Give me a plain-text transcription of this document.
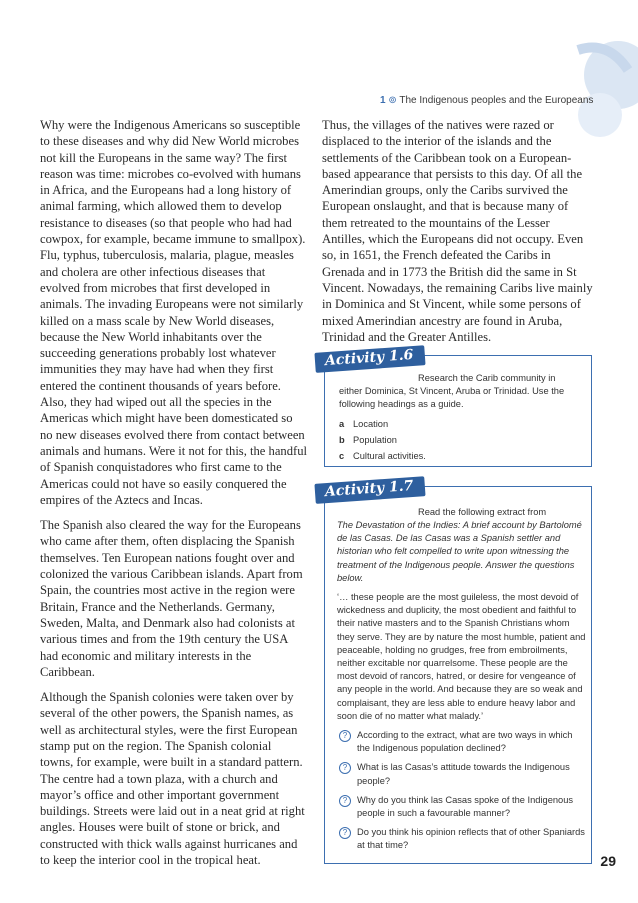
1 ⊚ The Indigenous peoples and the Europeans

Why were the Indigenous Americans so susceptible to these diseases and why did New World microbes not kill the Europeans in the same way? The first reason was time: microbes co-evolved with humans in Africa, and the Europeans had a long history of animal farming, which allowed them to develop resistance to diseases (so that people who had had cowpox, for example, became immune to smallpox). Flu, typhus, tuberculosis, malaria, plague, measles and cholera are other infectious diseases that evolved from microbes that first developed in animals. The invading Europeans were not similarly killed on a mass scale by New World diseases, because the New World inhabitants over the succeeding generations probably lost whatever immunities they may have had when they first entered the continent thousands of years before. Also, they had wiped out all the species in the Americas which might have been domesticated so no new diseases evolved there from contact between animals and humans. Were it not for this, the handful of Spanish conquistadores who first came to the Americas could not have so easily conquered the empires of the Aztecs and Incas.

The Spanish also cleared the way for the Europeans who came after them, often displacing the Spanish themselves. Ten European nations fought over and colonized the various Caribbean islands. Apart from Spain, the countries most active in the region were Britain, France and the Netherlands. Germany, Sweden, Malta, and Denmark also had colonists at various times and from the 19th century the USA had economic and military interests in the Caribbean.

Although the Spanish colonies were taken over by several of the other powers, the Spanish names, as well as architectural styles, were the first European stamp put on the region. The Spanish colonial towns, for example, were built in a standard pattern. The centre had a town plaza, with a church and mayor’s office and other important government buildings. Streets were laid out in a neat grid at right angles. Houses were built of stone or brick, and constructed with thick walls against hurricanes and to keep the interior cool in the tropical heat.

Thus, the villages of the natives were razed or displaced to the interior of the islands and the settlements of the Caribbean took on a European-based appearance that persists to this day. Of all the Amerindian groups, only the Caribs survived the European onslaught, and that is because many of them retreated to the mountains of the Lesser Antilles, which the Europeans did not occupy. Even so, in 1651, the French defeated the Caribs in Grenada and in 1773 the British did the same in St Vincent. Nowadays, the remaining Caribs live mainly in Dominica and St Vincent, while some persons of mixed Amerindian ancestry are found in Aruba, Trinidad and the Greater Antilles.

Activity 1.6
Research the Carib community in
either Dominica, St Vincent, Aruba or Trinidad. Use the following headings as a guide.
a Location
b Population
c Cultural activities.
Activity 1.7
Read the following extract from

The Devastation of the Indies: A brief account by Bartolomé de las Casas. De las Casas was a Spanish settler and historian who felt compelled to write upon witnessing the treatment of the Indigenous people. Answer the questions below.

‘… these people are the most guileless, the most devoid of wickedness and duplicity, the most obedient and faithful to their native masters and to the Spanish Christians whom they serve. They are by nature the most humble, patient and peaceable, holding no grudges, free from embroilments, neither excitable nor quarrelsome. These people are the most devoid of rancors, hatred, or desire for vengeance of any people in the world. And because they are so weak and complaisant, they are less able to endure heavy labor and soon die of no matter what malady.’

?	According to the extract, what are two ways in which the Indigenous population declined?
?	What is las Casas’s attitude towards the Indigenous people?
?	Why do you think las Casas spoke of the Indigenous people in such a favourable manner?
?	Do you think his opinion reflects that of other Spaniards at that time?
29
